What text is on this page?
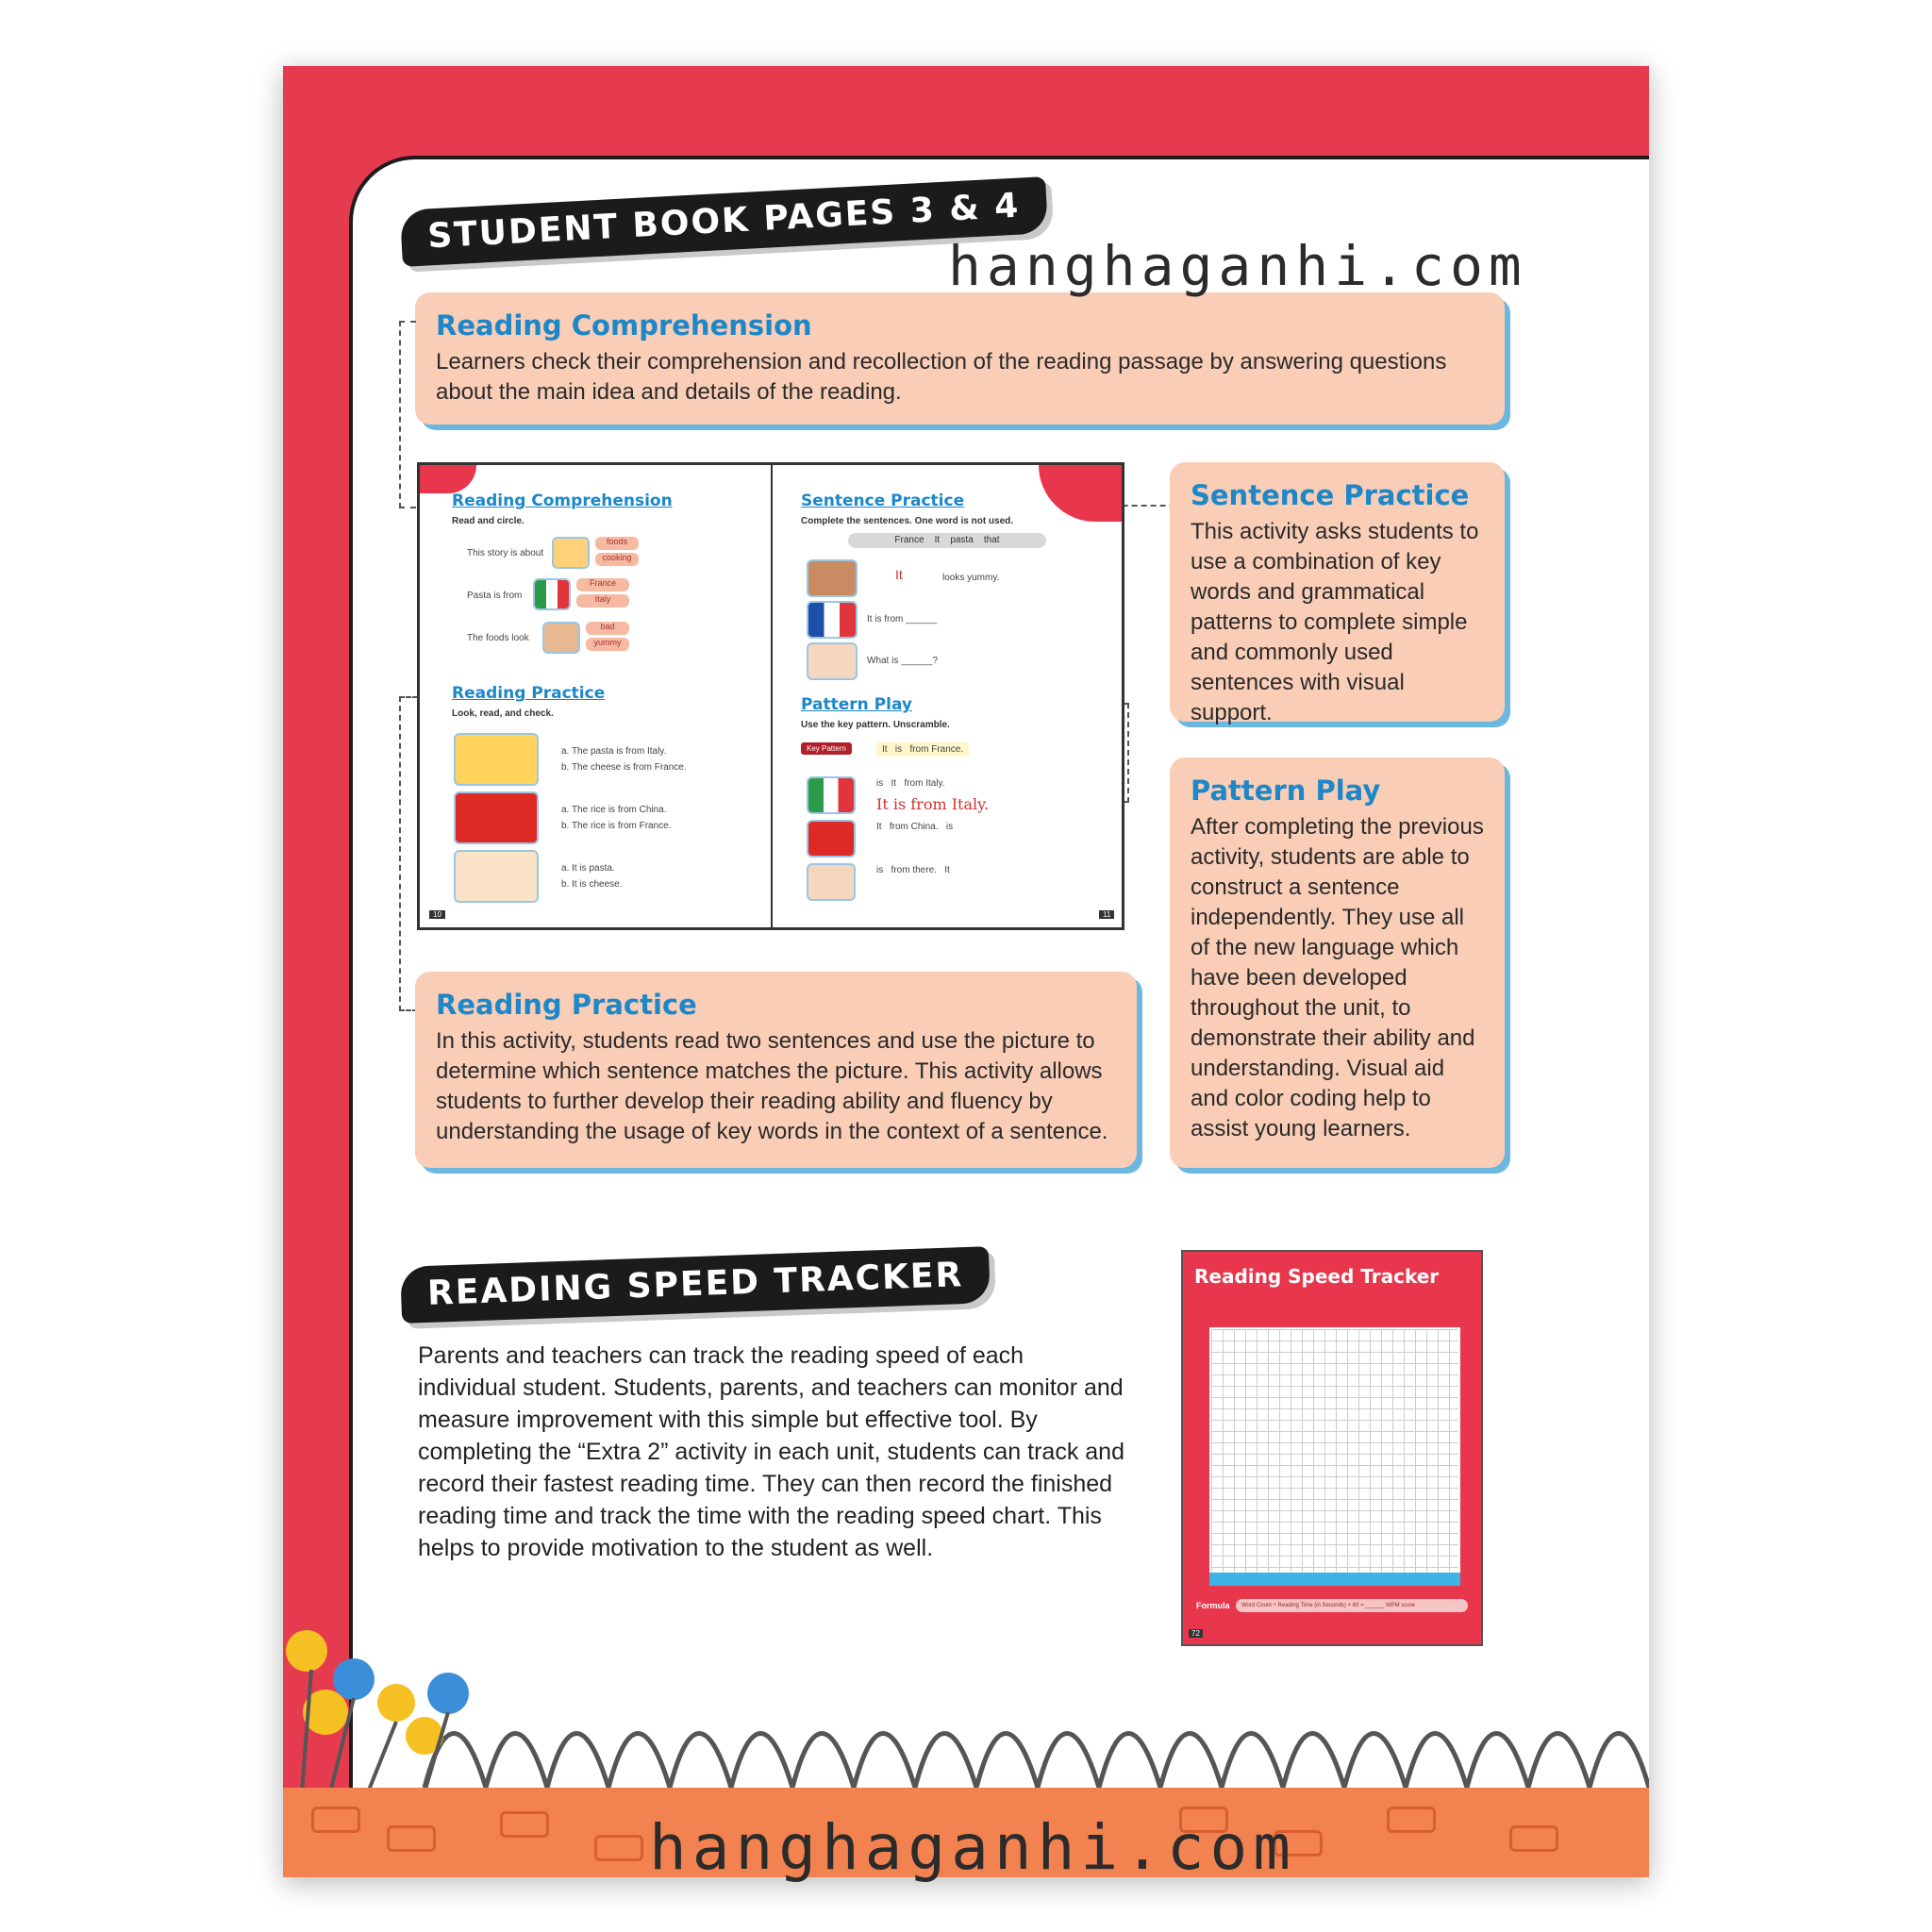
STUDENT BOOK PAGES 3 & 4
Reading Comprehension

Learners check their comprehension and recollection of the reading passage by answering questions about the main idea and details of the reading.

Reading Comprehension
Read and circle.
This story is about
foods
cooking
Pasta is from
France
Italy
The foods look
bad
yummy
Reading Practice
Look, read, and check.
a. The pasta is from Italy.
b. The cheese is from France.
a. The rice is from China.
b. The rice is from France.
a. It is pasta.
b. It is cheese.
10
Sentence Practice
Complete the sentences. One word is not used.
France    It    pasta    that
It	looks yummy.
It is from ______
What is ______?
Pattern Play
Use the key pattern. Unscramble.
Key Pattern	It   is   from France.
is   It   from Italy.
It is from Italy.
It   from China.   is
is   from there.   It
11
Sentence Practice

This activity asks students to use a combination of key words and grammatical patterns to complete simple and commonly used sentences with visual support.

Pattern Play

After completing the previous activity, students are able to construct a sentence independently. They use all of the new language which have been developed throughout the unit, to demonstrate their ability and understanding. Visual aid and color coding help to assist young learners.

Reading Practice

In this activity, students read two sentences and use the picture to determine which sentence matches the picture. This activity allows students to further develop their reading ability and fluency by understanding the usage of key words in the context of a sentence.

READING SPEED TRACKER
Parents and teachers can track the reading speed of each individual student. Students, parents, and teachers can monitor and measure improvement with this simple but effective tool. By completing the “Extra 2” activity in each unit, students can track and record their fastest reading time. They can then record the finished reading time and track the time with the reading speed chart. This helps to provide motivation to the student as well.
Reading Speed Tracker
Formula	Word Count ÷ Reading Time (in Seconds) × 60 = ______ WPM score
72
hanghaganhi.com
hanghaganhi.com
